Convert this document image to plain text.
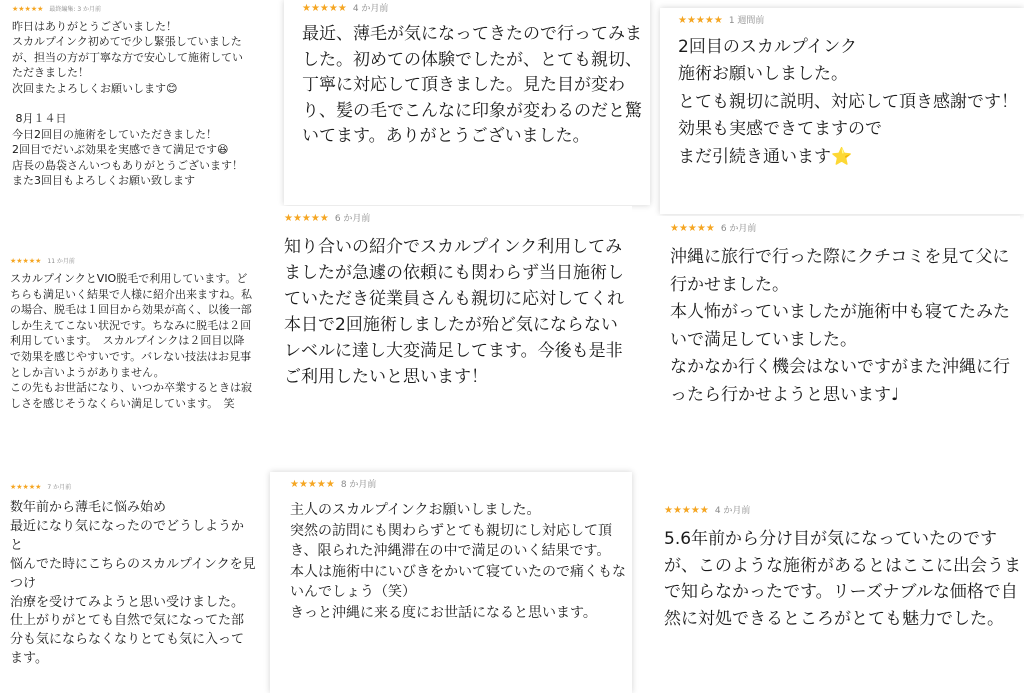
★★★★★ 最終編集: 3 か月前

昨日はありがとうございました！
スカルプインク初めてで少し緊張していましたが、担当の方が丁寧な方で安心して施術していただきました！
次回またよろしくお願いします😊

8月１４日
今日2回目の施術をしていただきました！
2回目でだいぶ効果を実感できて満足です😆
店長の島袋さんいつもありがとうございます！
また3回目もよろしくお願い致します

★★★★★ 11 か月前

スカルプインクとVIO脱毛で利用しています。どちらも満足いく結果で人様に紹介出来ますね。私の場合、脱毛は１回目から効果が高く、以後一部しか生えてこない状況です。ちなみに脱毛は２回利用しています。　スカルプインクは２回目以降で効果を感じやすいです。バレない技法はお見事としか言いようがありません。
この先もお世話になり、いつか卒業するときは寂しさを感じそうなくらい満足しています。　笑

★★★★★ 7 か月前

数年前から薄毛に悩み始め
最近になり気になったのでどうしようかと
悩んでた時にこちらのスカルプインクを見つけ
治療を受けてみようと思い受けました。
仕上がりがとても自然で気になってた部分も気にならなくなりとても気に入ってます。

★★★★★ 4 か月前

最近、薄毛が気になってきたので行ってみました。初めての体験でしたが、とても親切、丁寧に対応して頂きました。見た目が変わり、髪の毛でこんなに印象が変わるのだと驚いてます。ありがとうございました。

★★★★★ 6 か月前

知り合いの紹介でスカルプインク利用してみましたが急遽の依頼にも関わらず当日施術していただき従業員さんも親切に応対してくれ本日で2回施術しましたが殆ど気にならないレベルに達し大変満足してます。今後も是非ご利用したいと思います！

★★★★★ 8 か月前

主人のスカルプインクお願いしました。
突然の訪問にも関わらずとても親切にし対応して頂き、限られた沖縄滞在の中で満足のいく結果です。
本人は施術中にいびきをかいて寝ていたので痛くもないんでしょう（笑）
きっと沖縄に来る度にお世話になると思います。

★★★★★ 1 週間前

2回目のスカルプインク
施術お願いしました。
とても親切に説明、対応して頂き感謝です！
効果も実感できてますので
まだ引続き通います⭐️

★★★★★ 6 か月前

沖縄に旅行で行った際にクチコミを見て父に行かせました。
本人怖がっていましたが施術中も寝てたみたいで満足していました。
なかなか行く機会はないですがまた沖縄に行ったら行かせようと思います♩

★★★★★ 4 か月前

5.6年前から分け目が気になっていたのですが、このような施術があるとはここに出会うまで知らなかったです。リーズナブルな価格で自然に対処できるところがとても魅力でした。
